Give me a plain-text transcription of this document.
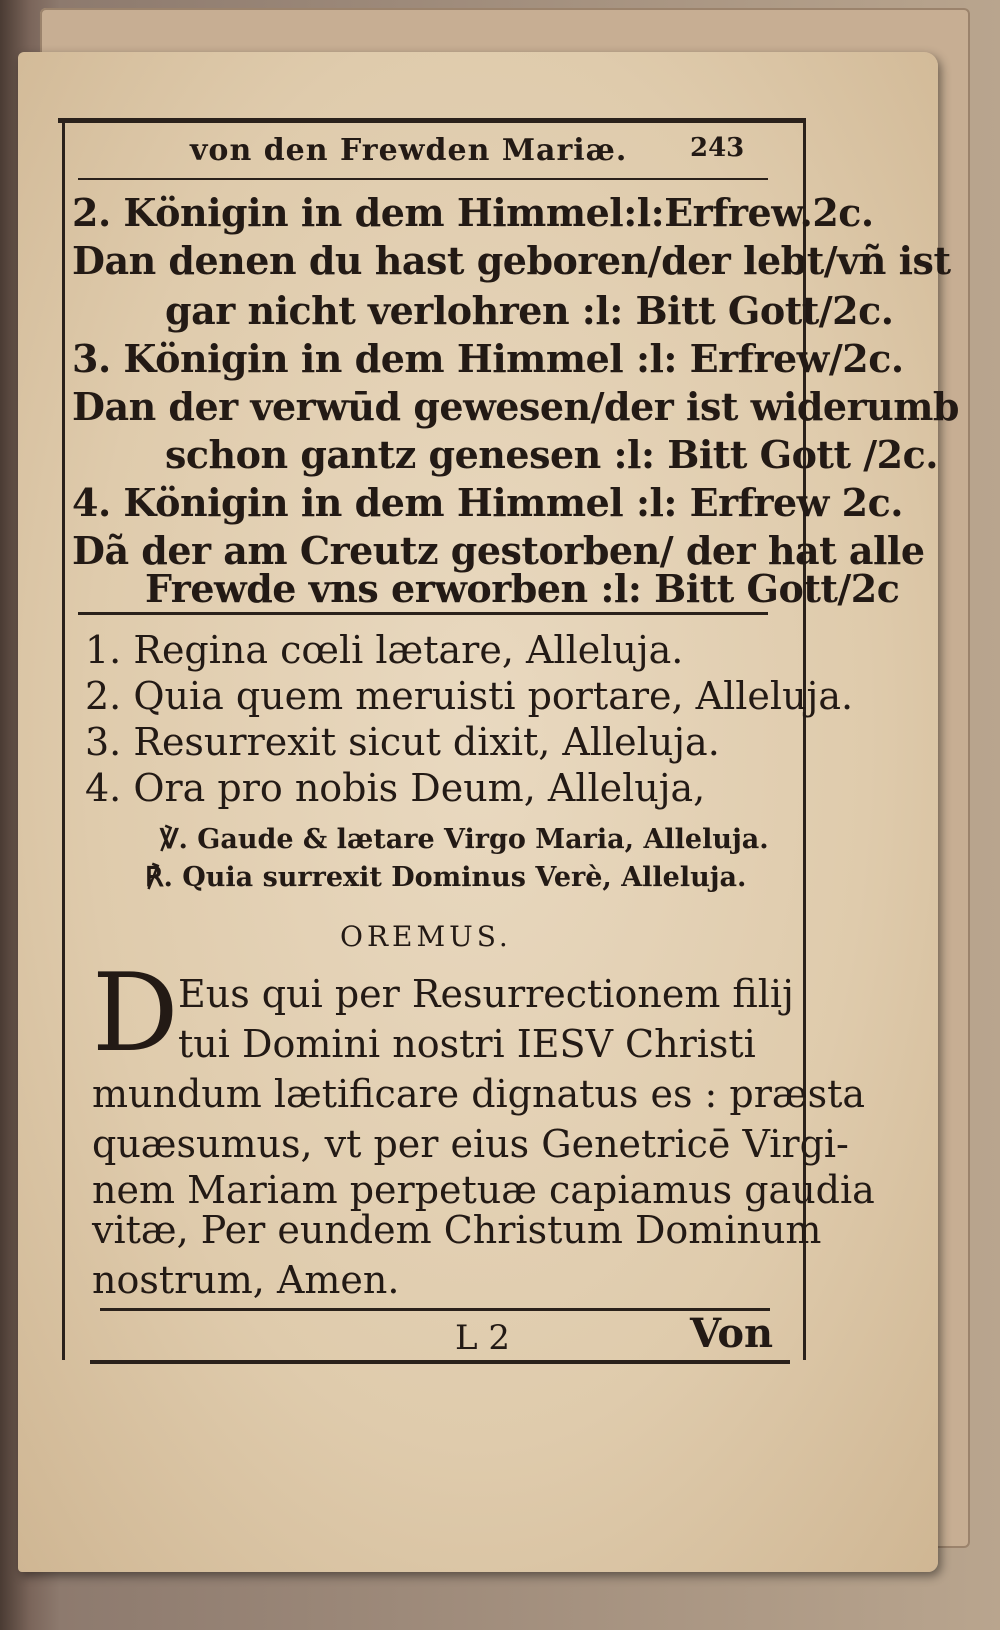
von den Frewden Mariæ. 243
2. Königin in dem Himmel:l:Erfrew.2c.
Dan denen du hast geboren/der lebt/vñ ist
gar nicht verlohren :l: Bitt Gott/2c.
3. Königin in dem Himmel :l: Erfrew/2c.
Dan der verwūd gewesen/der ist widerumb
schon gantz genesen :l: Bitt Gott /2c.
4. Königin in dem Himmel :l: Erfrew 2c.
Dã der am Creutz gestorben/ der hat alle
Frewde vns erworben :l: Bitt Gott/2c
1. Regina cœli lætare, Alleluja.
2. Quia quem meruisti portare, Alleluja.
3. Resurrexit sicut dixit, Alleluja.
4. Ora pro nobis Deum, Alleluja,
℣. Gaude & lætare Virgo Maria, Alleluja.
℟. Quia surrexit Dominus Verè, Alleluja.
OREMUS.
D Eus qui per Resurrectionem filij
tui Domini nostri IESV Christi
mundum lætificare dignatus es : præsta
quæsumus, vt per eius Genetricē Virgi-
nem Mariam perpetuæ capiamus gaudia
vitæ, Per eundem Christum Dominum
nostrum, Amen.
L 2	Von
